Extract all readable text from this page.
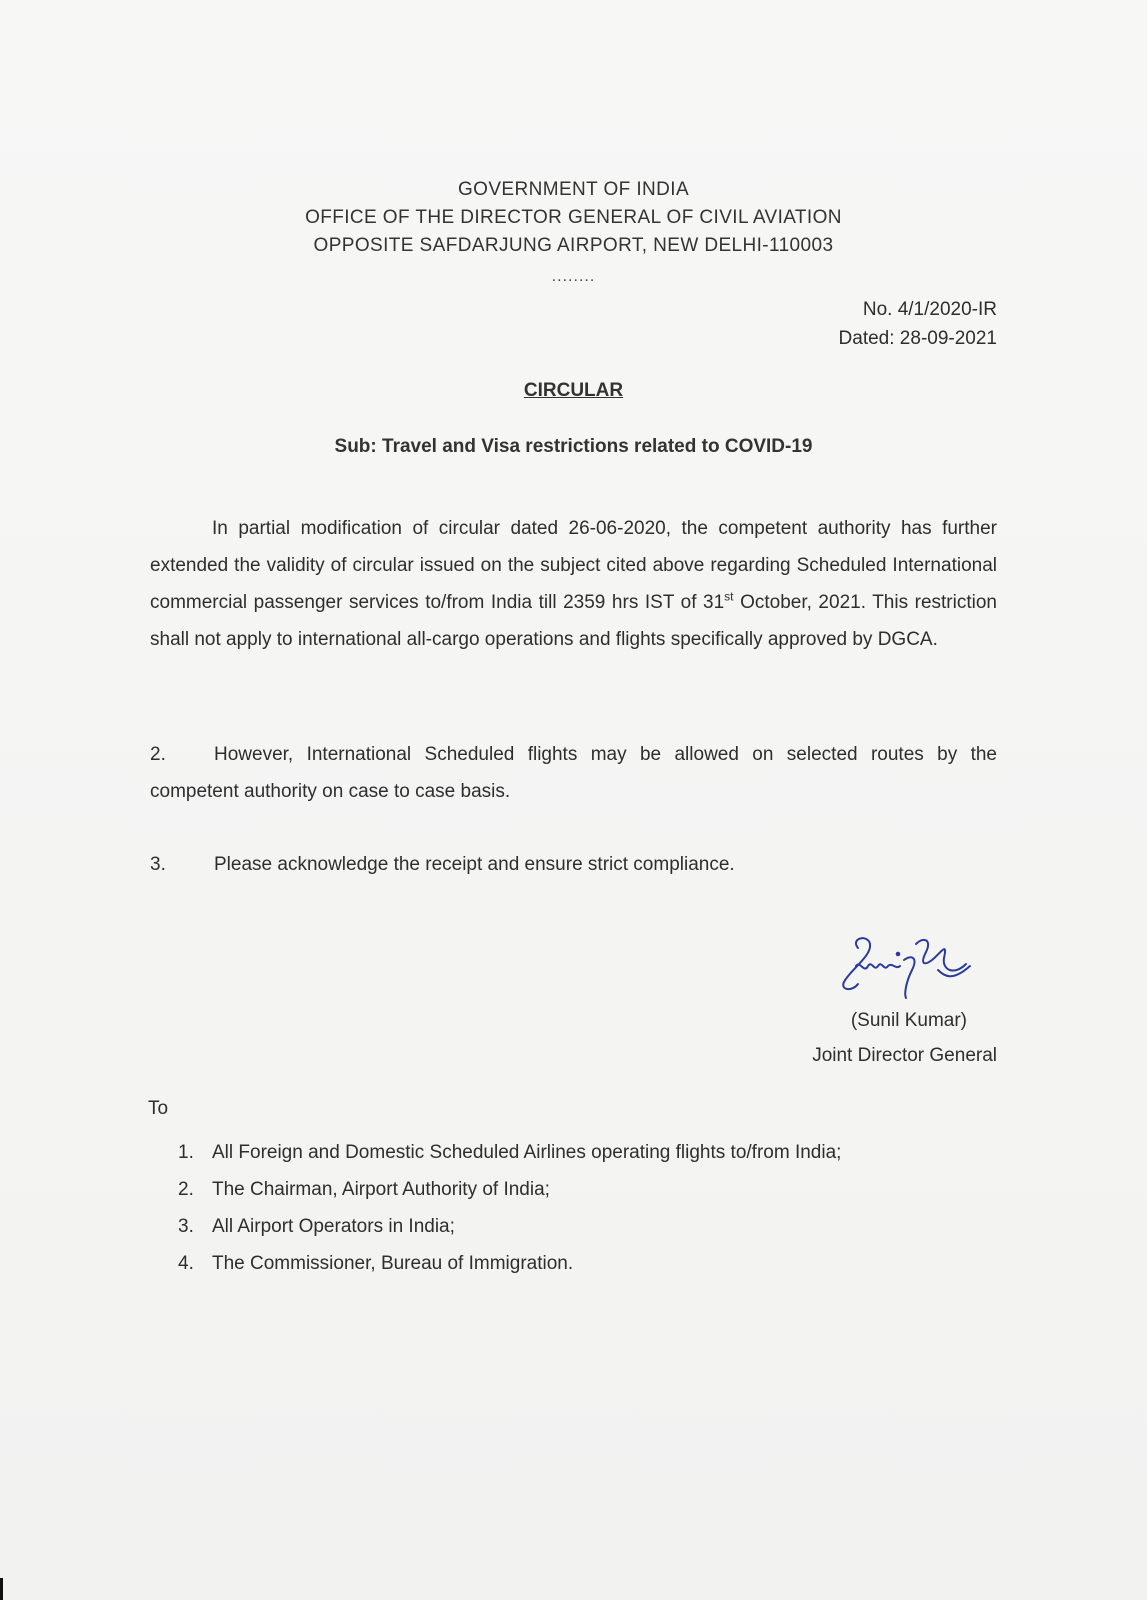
GOVERNMENT OF INDIA
OFFICE OF THE DIRECTOR GENERAL OF CIVIL AVIATION
OPPOSITE SAFDARJUNG AIRPORT, NEW DELHI-110003
........
No. 4/1/2020-IR
Dated: 28-09-2021
CIRCULAR
Sub: Travel and Visa restrictions related to COVID-19
In partial modification of circular dated 26-06-2020, the competent authority has further extended the validity of circular issued on the subject cited above regarding Scheduled International commercial passenger services to/from India till 2359 hrs IST of 31st October, 2021. This restriction shall not apply to international all-cargo operations and flights specifically approved by DGCA.
2.	However, International Scheduled flights may be allowed on selected routes by the competent authority on case to case basis.
3.	Please acknowledge the receipt and ensure strict compliance.
(Sunil Kumar)
Joint Director General
To
1. All Foreign and Domestic Scheduled Airlines operating flights to/from India;
2. The Chairman, Airport Authority of India;
3. All Airport Operators in India;
4. The Commissioner, Bureau of Immigration.
